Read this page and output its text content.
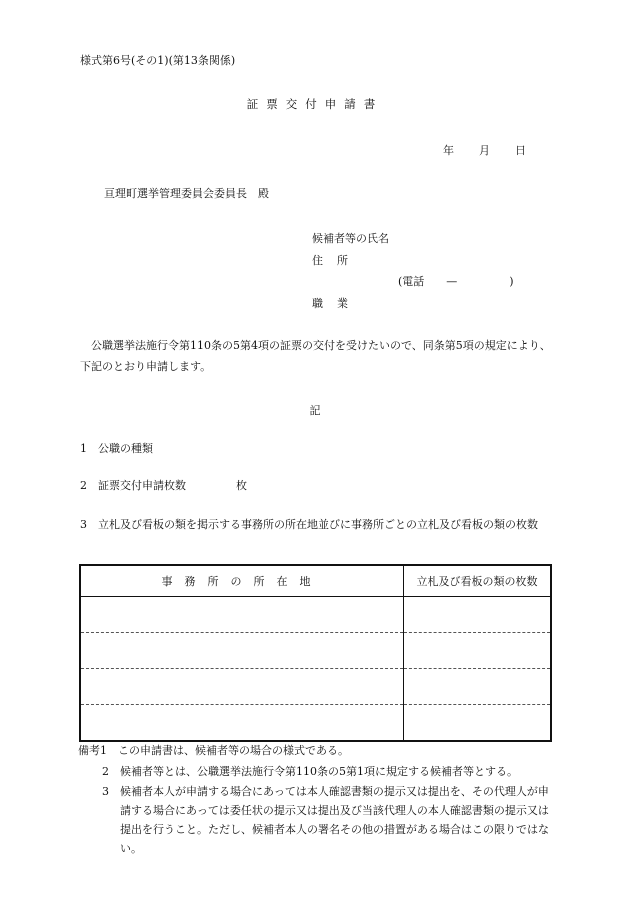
様式第6号(その1)(第13条関係)
証票交付申請書
年 月 日
亘理町選挙管理委員会委員長　殿
候補者等の氏名
住 所
(電話 —	)
職 業
公職選挙法施行令第110条の5第4項の証票の交付を受けたいので、同条第5項の規定により、下記のとおり申請します。
記
1 公職の種類
2 証票交付申請枚数	枚
3 立札及び看板の類を掲示する事務所の所在地並びに事務所ごとの立札及び看板の類の枚数
事務所の所在地	立札及び看板の類の枚数

備考1 この申請書は、候補者等の場合の様式である。
2 候補者等とは、公職選挙法施行令第110条の5第1項に規定する候補者等とする。
3 候補者本人が申請する場合にあっては本人確認書類の提示又は提出を、その代理人が申請する場合にあっては委任状の提示又は提出及び当該代理人の本人確認書類の提示又は提出を行うこと。ただし、候補者本人の署名その他の措置がある場合はこの限りではない。
